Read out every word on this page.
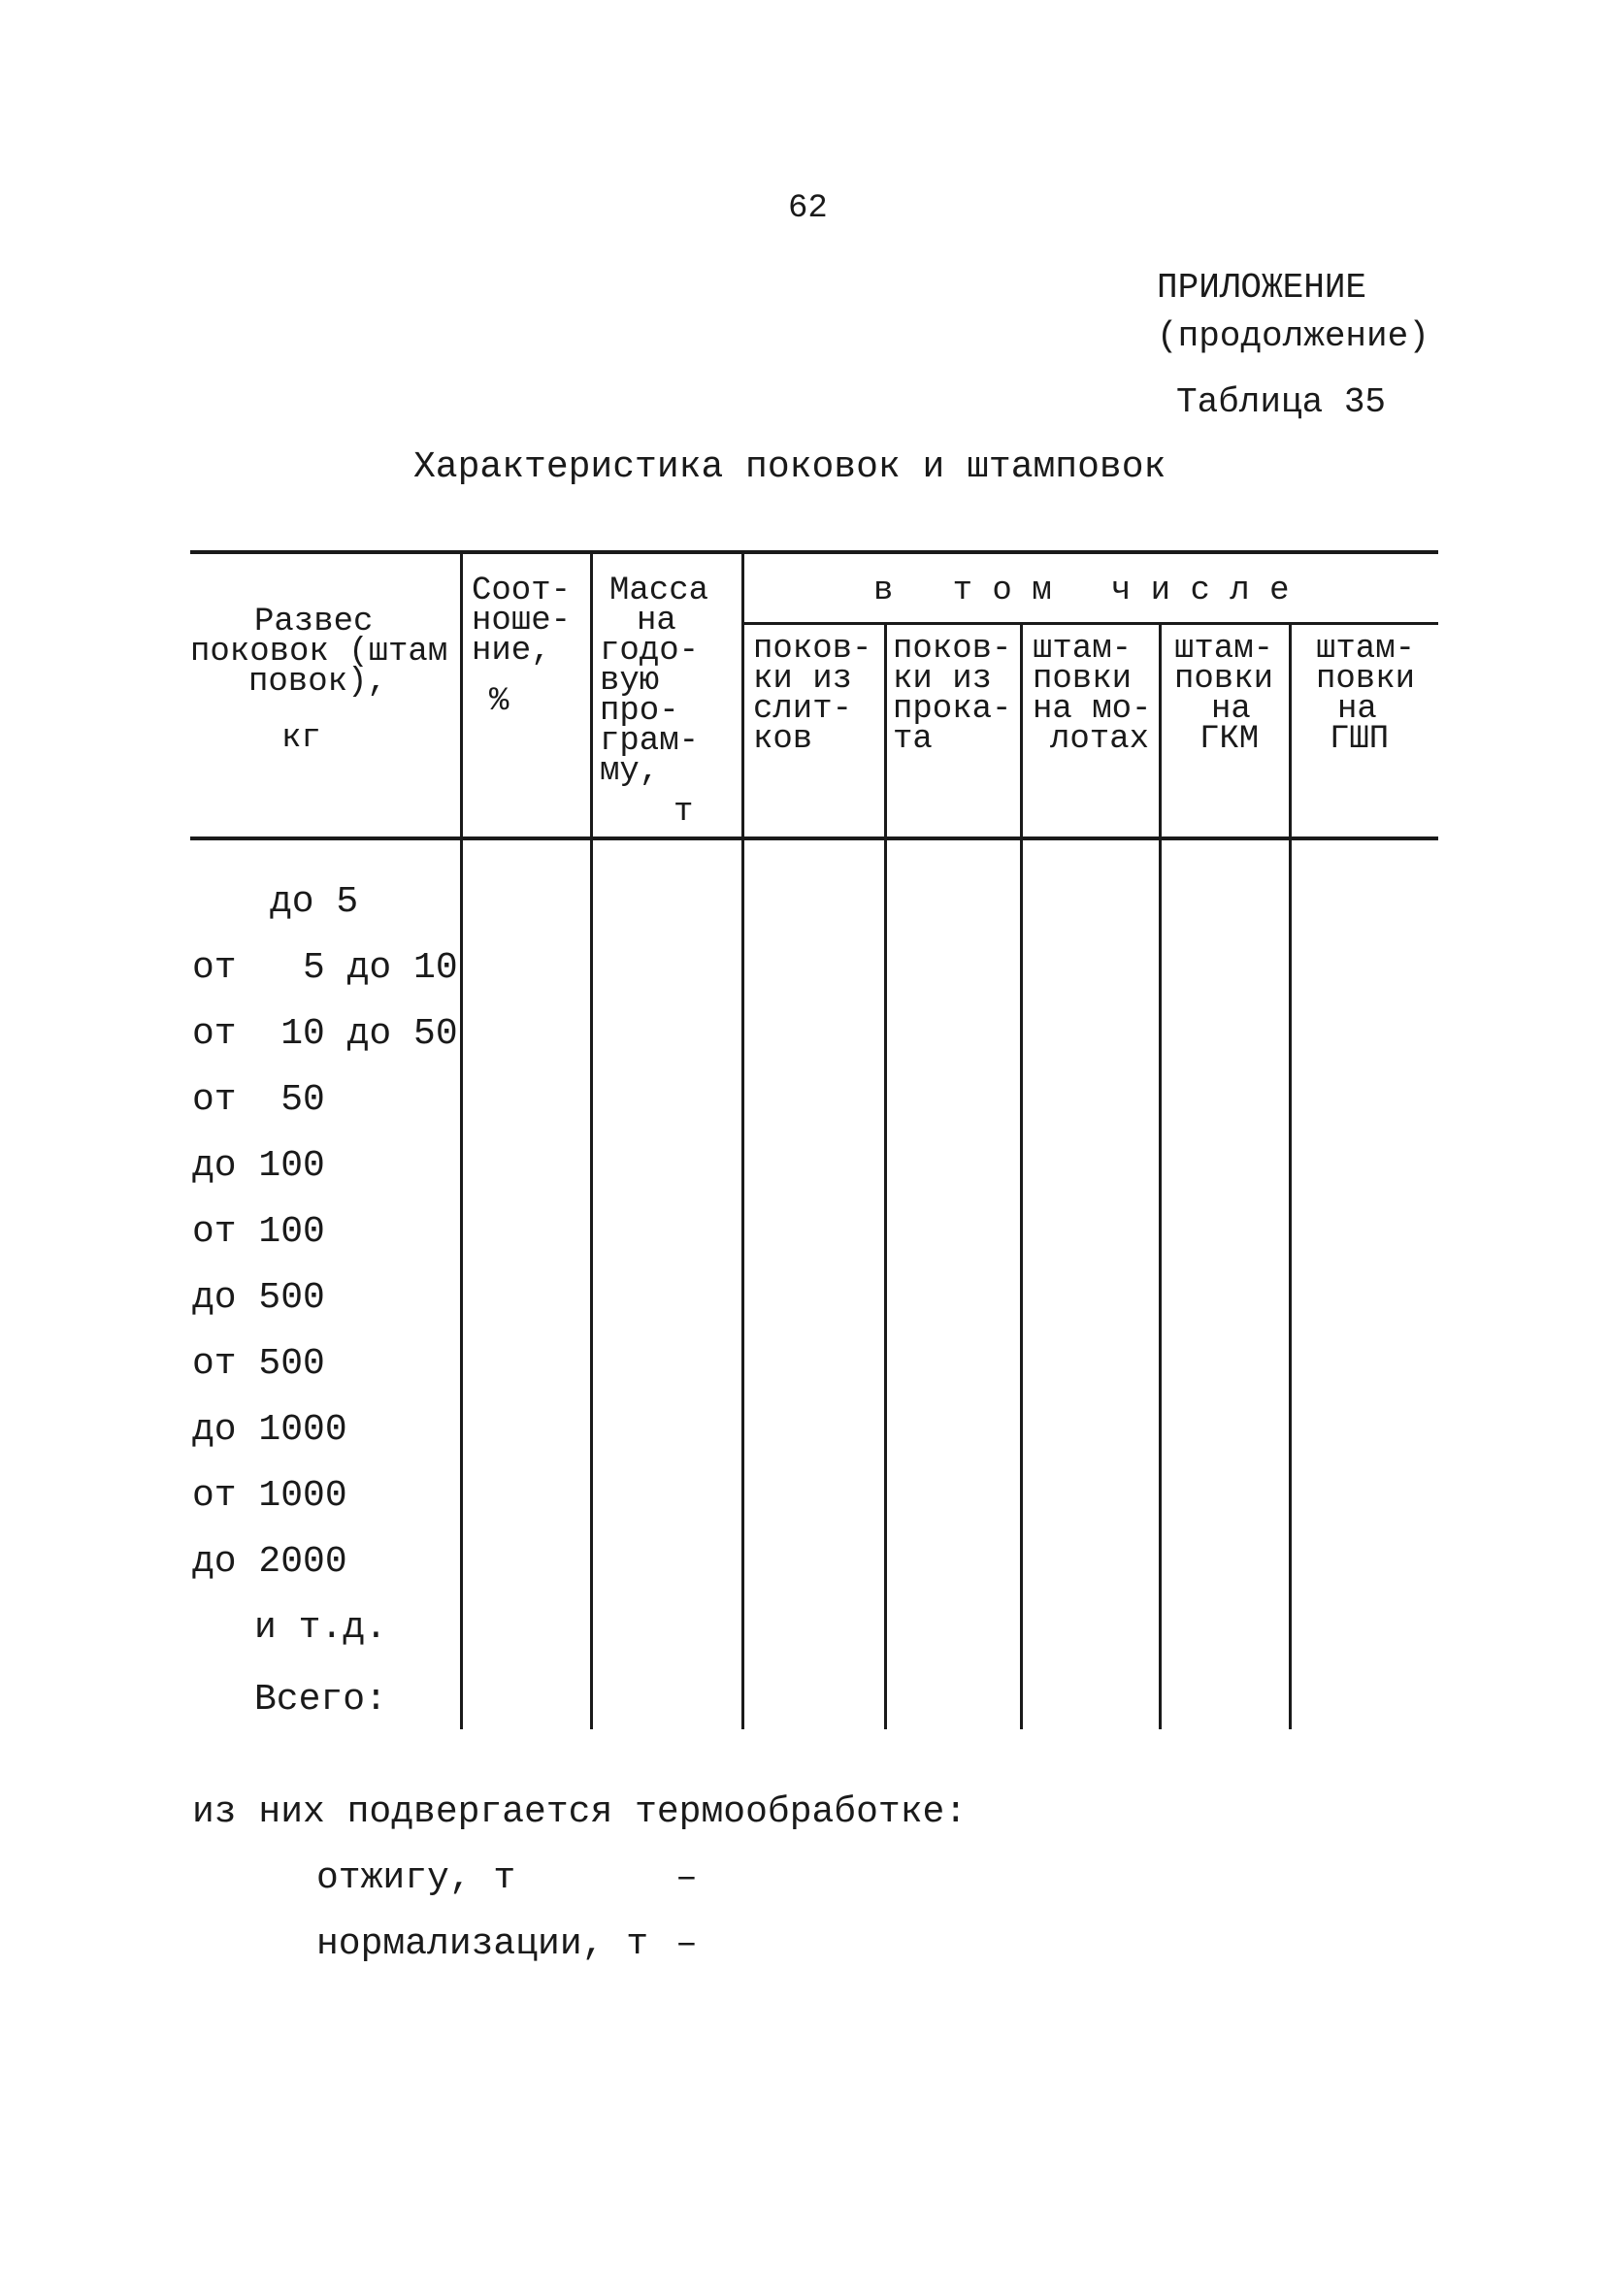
62
ПРИЛОЖЕНИЕ
(продолжение)
Таблица 35
Характеристика поковок и штамповок
Развес
поковок (штам
повок),
кг
Соот-
ноше-
ние,
%
Масса
на
годо-
вую
про-
грам-
му,
т
в   т о м   ч и с л е
поков-
ки из
слит-
ков
поков-
ки из
прока-
та
штам-
повки
на мо-
лотах
штам-
повки
на
ГКМ
штам-
повки
на
ГШП
до 5
от   5 до 10
от  10 до 50
от  50
до 100
от 100
до 500
от 500
до 1000
от 1000
до 2000
и т.д.
Всего:
из них подвергается термообработке:
отжигу, т	–
нормализации, т –
